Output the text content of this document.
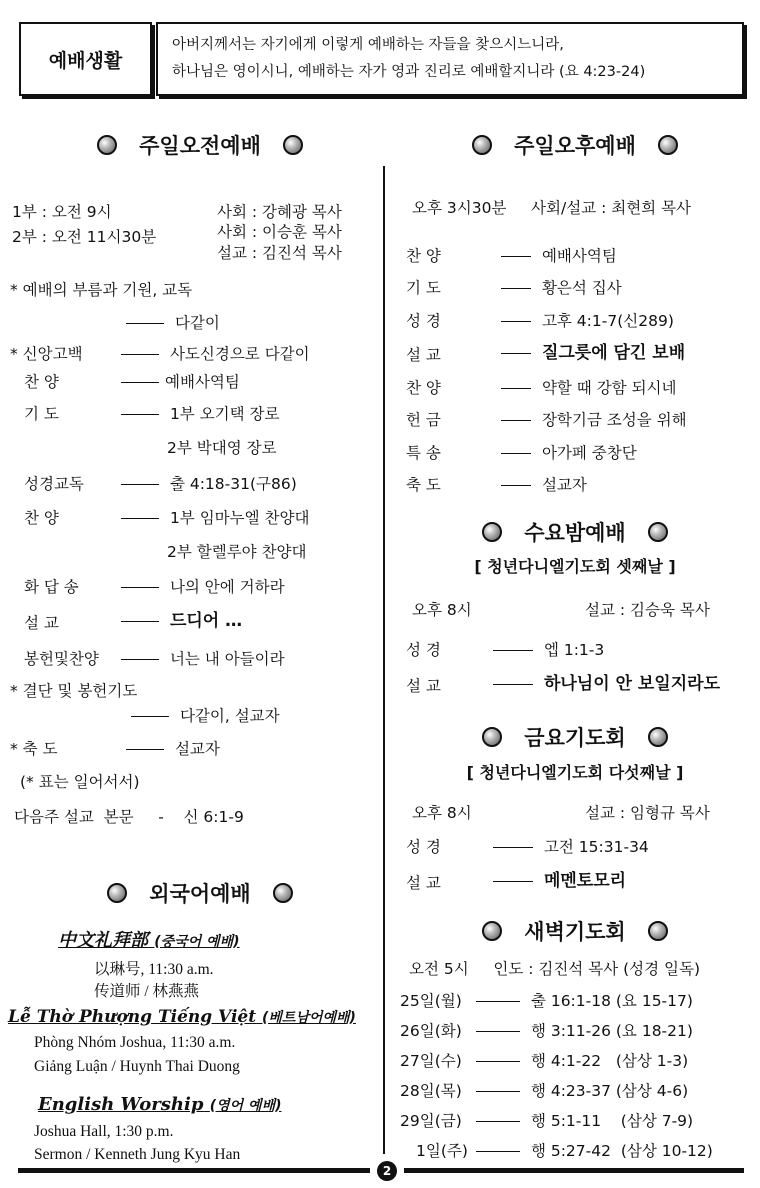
예배생활
아버지께서는 자기에게 이렇게 예배하는 자들을 찾으시느니라,
하나님은 영이시니, 예배하는 자가 영과 진리로 예배할지니라 (요 4:23-24)
주일오전예배
1부 : 오전 9시
2부 : 오전 11시30분
사회 : 강혜광 목사
사회 : 이승훈 목사
설교 : 김진석 목사
* 예배의 부름과 기원, 교독
다같이
* 신앙고백	사도신경으로 다같이
찬 양	예배사역팀
기 도	1부 오기택 장로
2부 박대영 장로
성경교독	출 4:18-31(구86)
찬 양	1부 임마누엘 찬양대
2부 할렐루야 찬양대
화 답 송	나의 안에 거하라
설 교	드디어 …
봉헌및찬양	너는 내 아들이라
* 결단 및 봉헌기도
다같이, 설교자
* 축 도	설교자
(* 표는 일어서서)
다음주 설교  본문     -    신 6:1-9
외국어예배
中文礼拜部 (중국어 예배)
以琳号, 11:30 a.m.
传道师 / 林燕燕
Lễ Thờ Phượng Tiếng Việt (베트남어예배)
Phòng Nhóm Joshua, 11:30 a.m.
Giảng Luận / Huynh Thai Duong
English Worship (영어 예배)
Joshua Hall, 1:30 p.m.
Sermon / Kenneth Jung Kyu Han
주일오후예배
오후 3시30분     사회/설교 : 최현희 목사
찬 양	예배사역팀
기 도	황은석 집사
성 경	고후 4:1-7(신289)
설 교	질그릇에 담긴 보배
찬 양	약할 때 강함 되시네
헌 금	장학기금 조성을 위해
특 송	아가페 중창단
축 도	설교자
수요밤예배
[ 청년다니엘기도회 셋째날 ]
오후 8시	설교 : 김승욱 목사
성 경	엡 1:1-3
설 교	하나님이 안 보일지라도
금요기도회
[ 청년다니엘기도회 다섯째날 ]
오후 8시	설교 : 임형규 목사
성 경	고전 15:31-34
설 교	메멘토모리
새벽기도회
오전 5시     인도 : 김진석 목사 (성경 일독)
25일(월)	출 16:1-18 (요 15-17)
26일(화)	행 3:11-26 (요 18-21)
27일(수)	행 4:1-22   (삼상 1-3)
28일(목)	행 4:23-37 (삼상 4-6)
29일(금)	행 5:1-11    (삼상 7-9)
1일(주)	행 5:27-42  (삼상 10-12)
2
